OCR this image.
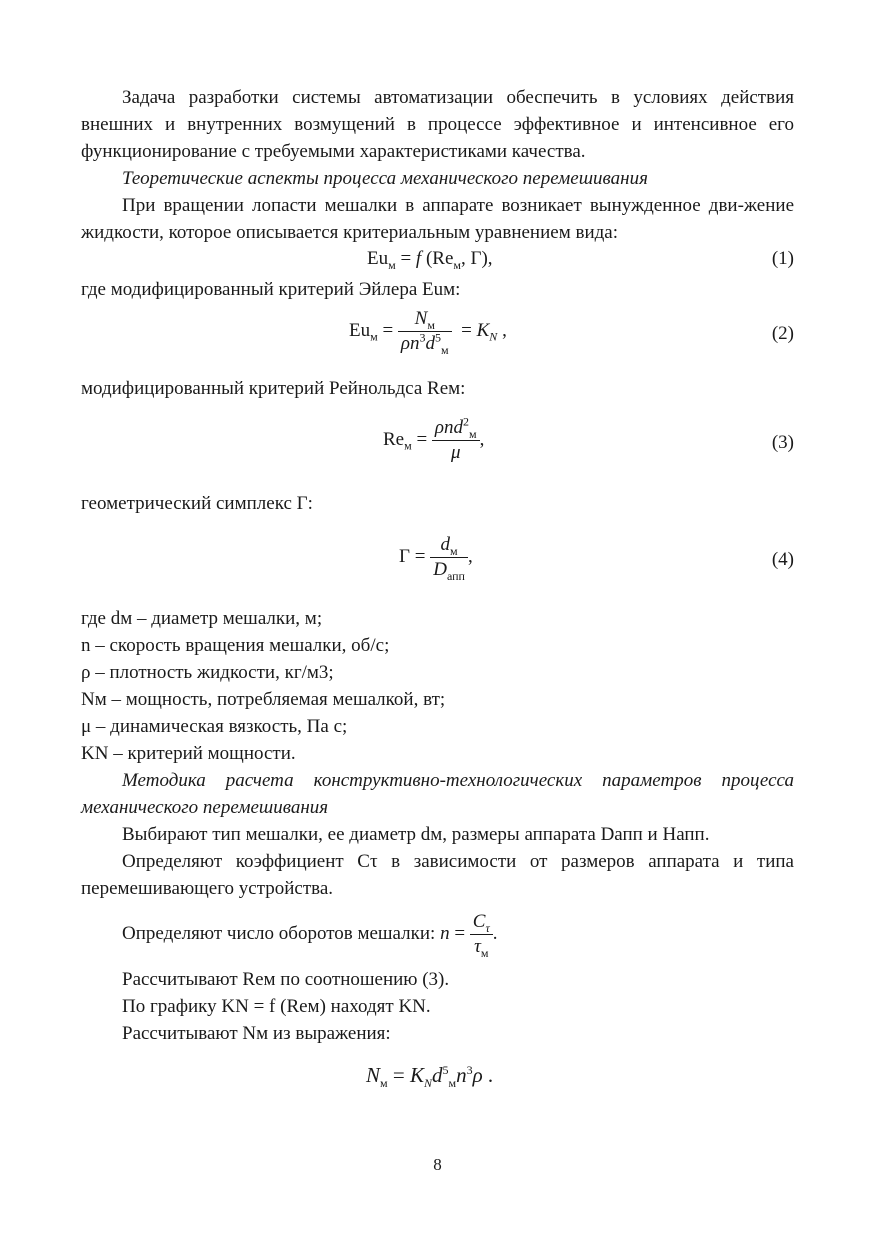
Задача разработки системы автоматизации обеспечить в условиях действия внешних и внутренних возмущений в процессе эффективное и интенсивное его функционирование с требуемыми характеристиками качества.

Теоретические аспекты процесса механического перемешивания

При вращении лопасти мешалки в аппарате возникает вынужденное дви-жение жидкости, которое описывается критериальным уравнением вида:

$Eu_м = f$ ($Re_м$, Г),	(1)

где модифицированный критерий Эйлера Euм:

$Eu_м = \frac{N_м}{\rho n^3d^5_м} = K_N$ ,	(2)

модифицированный критерий Рейнольдса Reм:

$Re_м = \frac{\rho nd^2_м}{\mu}$ ,	(3)

геометрический симплекс Г:

$Г = \frac{d_м}{D_{апп}}$ ,	(4)

где dм – диаметр мешалки, м;

n – скорость вращения мешалки, об/с;

ρ – плотность жидкости, кг/м3;

Nм – мощность, потребляемая мешалкой, вт;

μ – динамическая вязкость, Па с;

KN – критерий мощности.

Методика расчета конструктивно-технологических параметров процесса механического перемешивания

Выбирают тип мешалки, ее диаметр dм, размеры аппарата Dапп и Hапп.

Определяют коэффициент Cτ в зависимости от размеров аппарата и типа перемешивающего устройства.

Определяют число оборотов мешалки: $n = \frac{C_\tau}{\tau_м}$ .

Рассчитывают Reм по соотношению (3).

По графику KN = f (Reм) находят KN.

Рассчитывают Nм из выражения:

$N_м = K_Nd^5_мn^3\rho$ .
8
